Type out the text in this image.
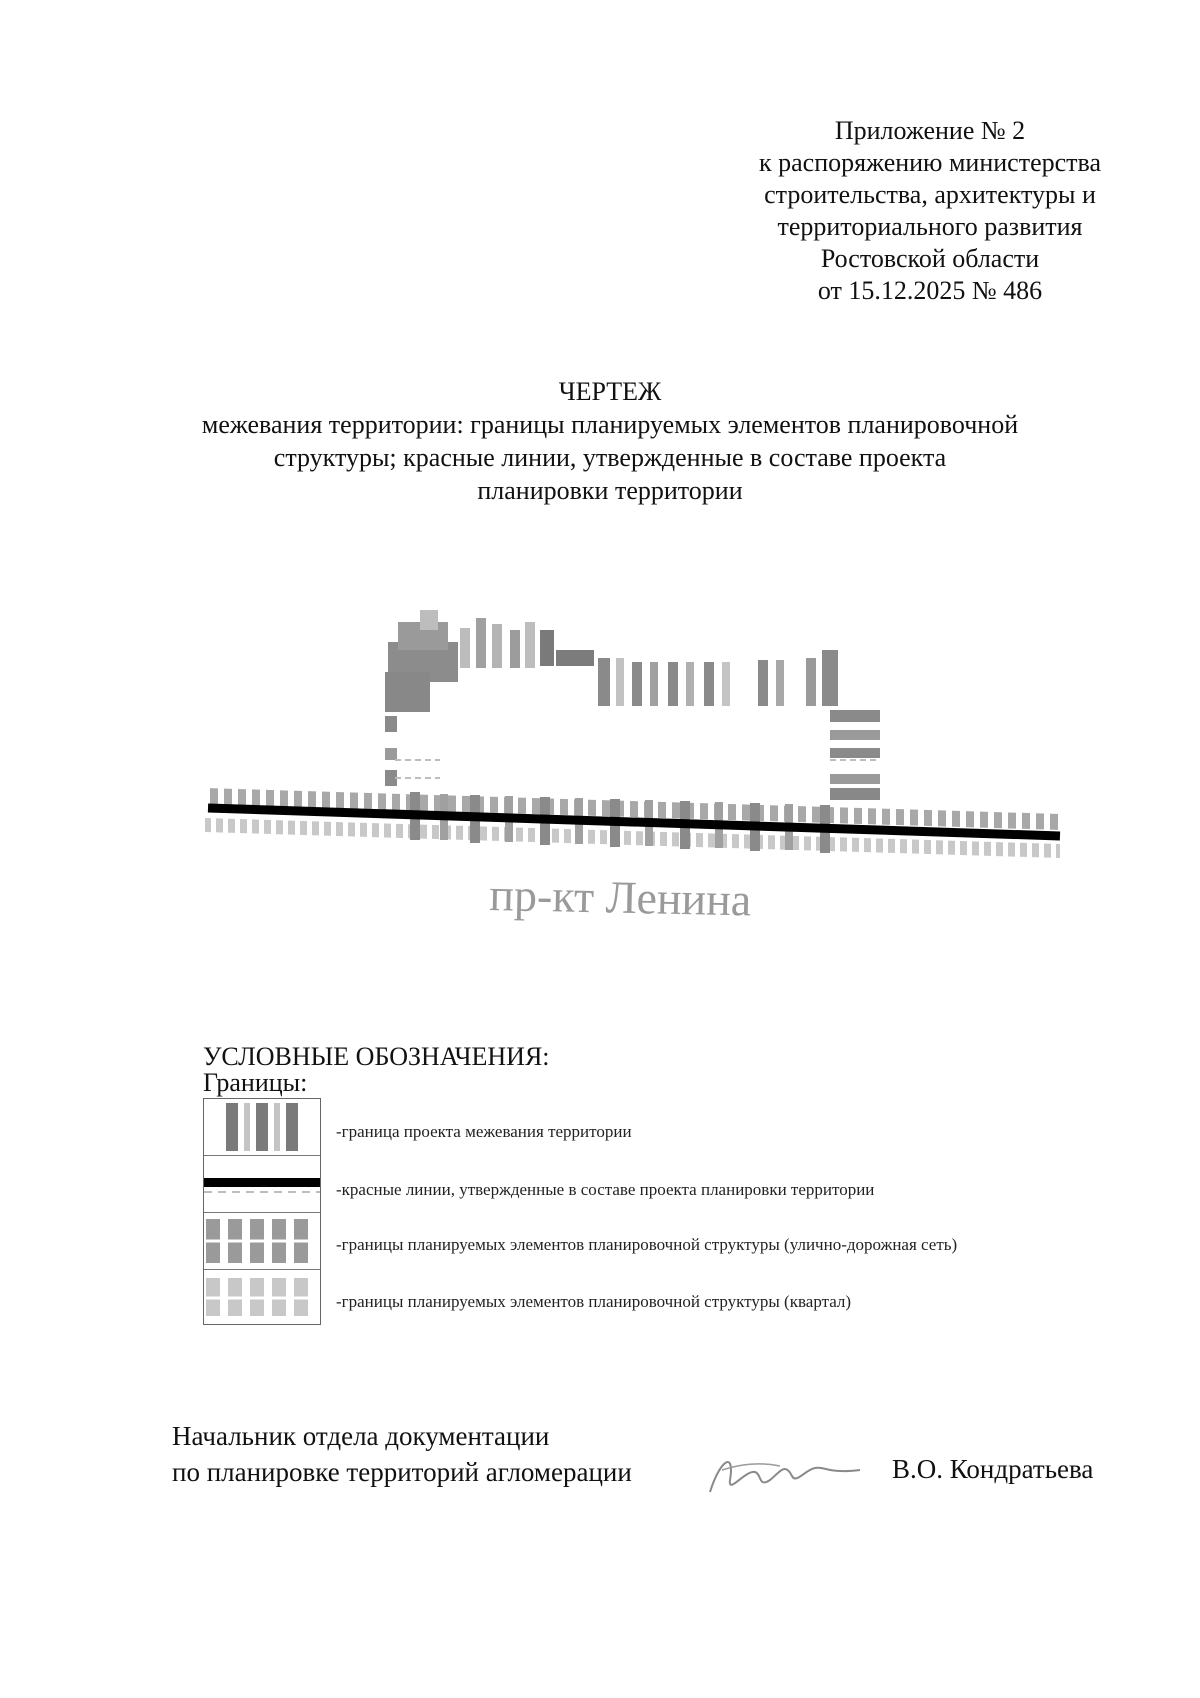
Приложение № 2
к распоряжению министерства
строительства, архитектуры и
территориального развития
Ростовской области
от 15.12.2025 № 486
ЧЕРТЕЖ
межевания территории: границы планируемых элементов планировочной
структуры; красные линии, утвержденные в составе проекта
планировки территории
пр-кт Ленина
УСЛОВНЫЕ ОБОЗНАЧЕНИЯ:
Границы:
-граница проекта межевания территории
-красные линии, утвержденные в составе проекта планировки территории
-границы планируемых элементов планировочной структуры (улично-дорожная сеть)
-границы планируемых элементов планировочной структуры (квартал)
Начальник отдела документации
по планировке территорий агломерации	В.О. Кондратьева
